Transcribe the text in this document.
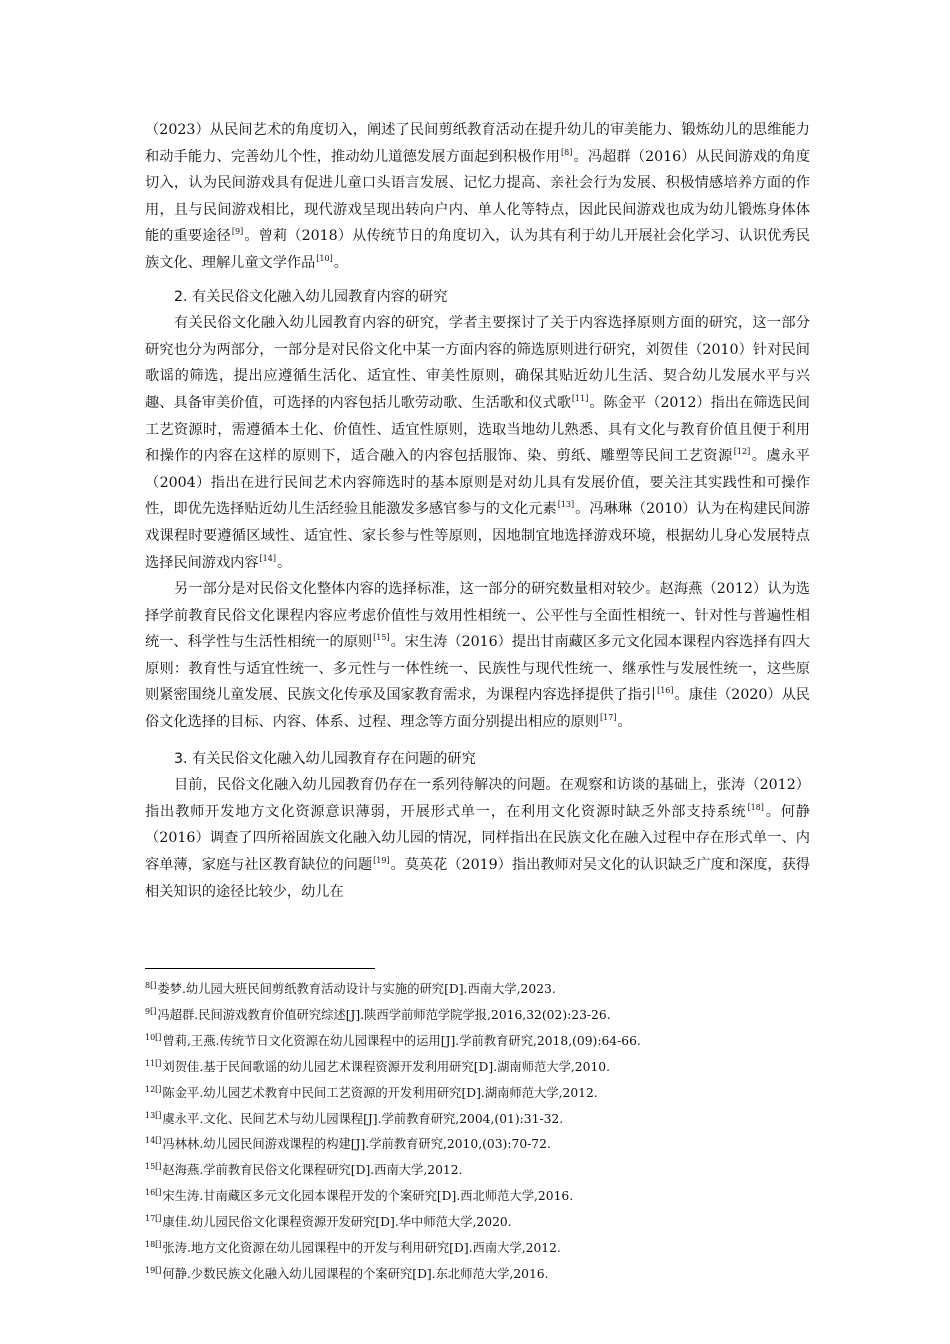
（2023）从民间艺术的角度切入，阐述了民间剪纸教育活动在提升幼儿的审美能力、锻炼幼儿的思维能力和动手能力、完善幼儿个性，推动幼儿道德发展方面起到积极作用[8]。冯超群（2016）从民间游戏的角度切入，认为民间游戏具有促进儿童口头语言发展、记忆力提高、亲社会行为发展、积极情感培养方面的作用，且与民间游戏相比，现代游戏呈现出转向户内、单人化等特点，因此民间游戏也成为幼儿锻炼身体体能的重要途径[9]。曾莉（2018）从传统节日的角度切入，认为其有利于幼儿开展社会化学习、认识优秀民族文化、理解儿童文学作品[10]。

2. 有关民俗文化融入幼儿园教育内容的研究

有关民俗文化融入幼儿园教育内容的研究，学者主要探讨了关于内容选择原则方面的研究，这一部分研究也分为两部分，一部分是对民俗文化中某一方面内容的筛选原则进行研究，刘贺佳（2010）针对民间歌谣的筛选，提出应遵循生活化、适宜性、审美性原则，确保其贴近幼儿生活、契合幼儿发展水平与兴趣、具备审美价值，可选择的内容包括儿歌劳动歌、生活歌和仪式歌[11]。陈金平（2012）指出在筛选民间工艺资源时，需遵循本土化、价值性、适宜性原则，选取当地幼儿熟悉、具有文化与教育价值且便于利用和操作的内容在这样的原则下，适合融入的内容包括服饰、染、剪纸、雕塑等民间工艺资源[12]。虞永平（2004）指出在进行民间艺术内容筛选时的基本原则是对幼儿具有发展价值，要关注其实践性和可操作性，即优先选择贴近幼儿生活经验且能激发多感官参与的文化元素[13]。冯琳琳（2010）认为在构建民间游戏课程时要遵循区域性、适宜性、家长参与性等原则，因地制宜地选择游戏环境，根据幼儿身心发展特点选择民间游戏内容[14]。

另一部分是对民俗文化整体内容的选择标准，这一部分的研究数量相对较少。赵海燕（2012）认为选择学前教育民俗文化课程内容应考虑价值性与效用性相统一、公平性与全面性相统一、针对性与普遍性相统一、科学性与生活性相统一的原则[15]。宋生涛（2016）提出甘南藏区多元文化园本课程内容选择有四大原则：教育性与适宜性统一、多元性与一体性统一、民族性与现代性统一、继承性与发展性统一，这些原则紧密围绕儿童发展、民族文化传承及国家教育需求，为课程内容选择提供了指引[16]。康佳（2020）从民俗文化选择的目标、内容、体系、过程、理念等方面分别提出相应的原则[17]。

3. 有关民俗文化融入幼儿园教育存在问题的研究

目前，民俗文化融入幼儿园教育仍存在一系列待解决的问题。在观察和访谈的基础上，张涛（2012）指出教师开发地方文化资源意识薄弱，开展形式单一，在利用文化资源时缺乏外部支持系统[18]。何静（2016）调查了四所裕固族文化融入幼儿园的情况，同样指出在民族文化在融入过程中存在形式单一、内容单薄，家庭与社区教育缺位的问题[19]。莫英花（2019）指出教师对吴文化的认识缺乏广度和深度，获得相关知识的途径比较少，幼儿在

$^{8[]}$娄梦.幼儿园大班民间剪纸教育活动设计与实施的研究[D].西南大学,2023.

$^{9[]}$冯超群.民间游戏教育价值研究综述[J].陕西学前师范学院学报,2016,32(02):23-26.

$^{10[]}$曾莉,王燕.传统节日文化资源在幼儿园课程中的运用[J].学前教育研究,2018,(09):64-66.

$^{11[]}$刘贺佳.基于民间歌谣的幼儿园艺术课程资源开发利用研究[D].湖南师范大学,2010.

$^{12[]}$陈金平.幼儿园艺术教育中民间工艺资源的开发利用研究[D].湖南师范大学,2012.

$^{13[]}$虞永平.文化、民间艺术与幼儿园课程[J].学前教育研究,2004,(01):31-32.

$^{14[]}$冯林林.幼儿园民间游戏课程的构建[J].学前教育研究,2010,(03):70-72.

$^{15[]}$赵海燕.学前教育民俗文化课程研究[D].西南大学,2012.

$^{16[]}$宋生涛.甘南藏区多元文化园本课程开发的个案研究[D].西北师范大学,2016.

$^{17[]}$康佳.幼儿园民俗文化课程资源开发研究[D].华中师范大学,2020.

$^{18[]}$张涛.地方文化资源在幼儿园课程中的开发与利用研究[D].西南大学,2012.

$^{19[]}$何静.少数民族文化融入幼儿园课程的个案研究[D].东北师范大学,2016.
